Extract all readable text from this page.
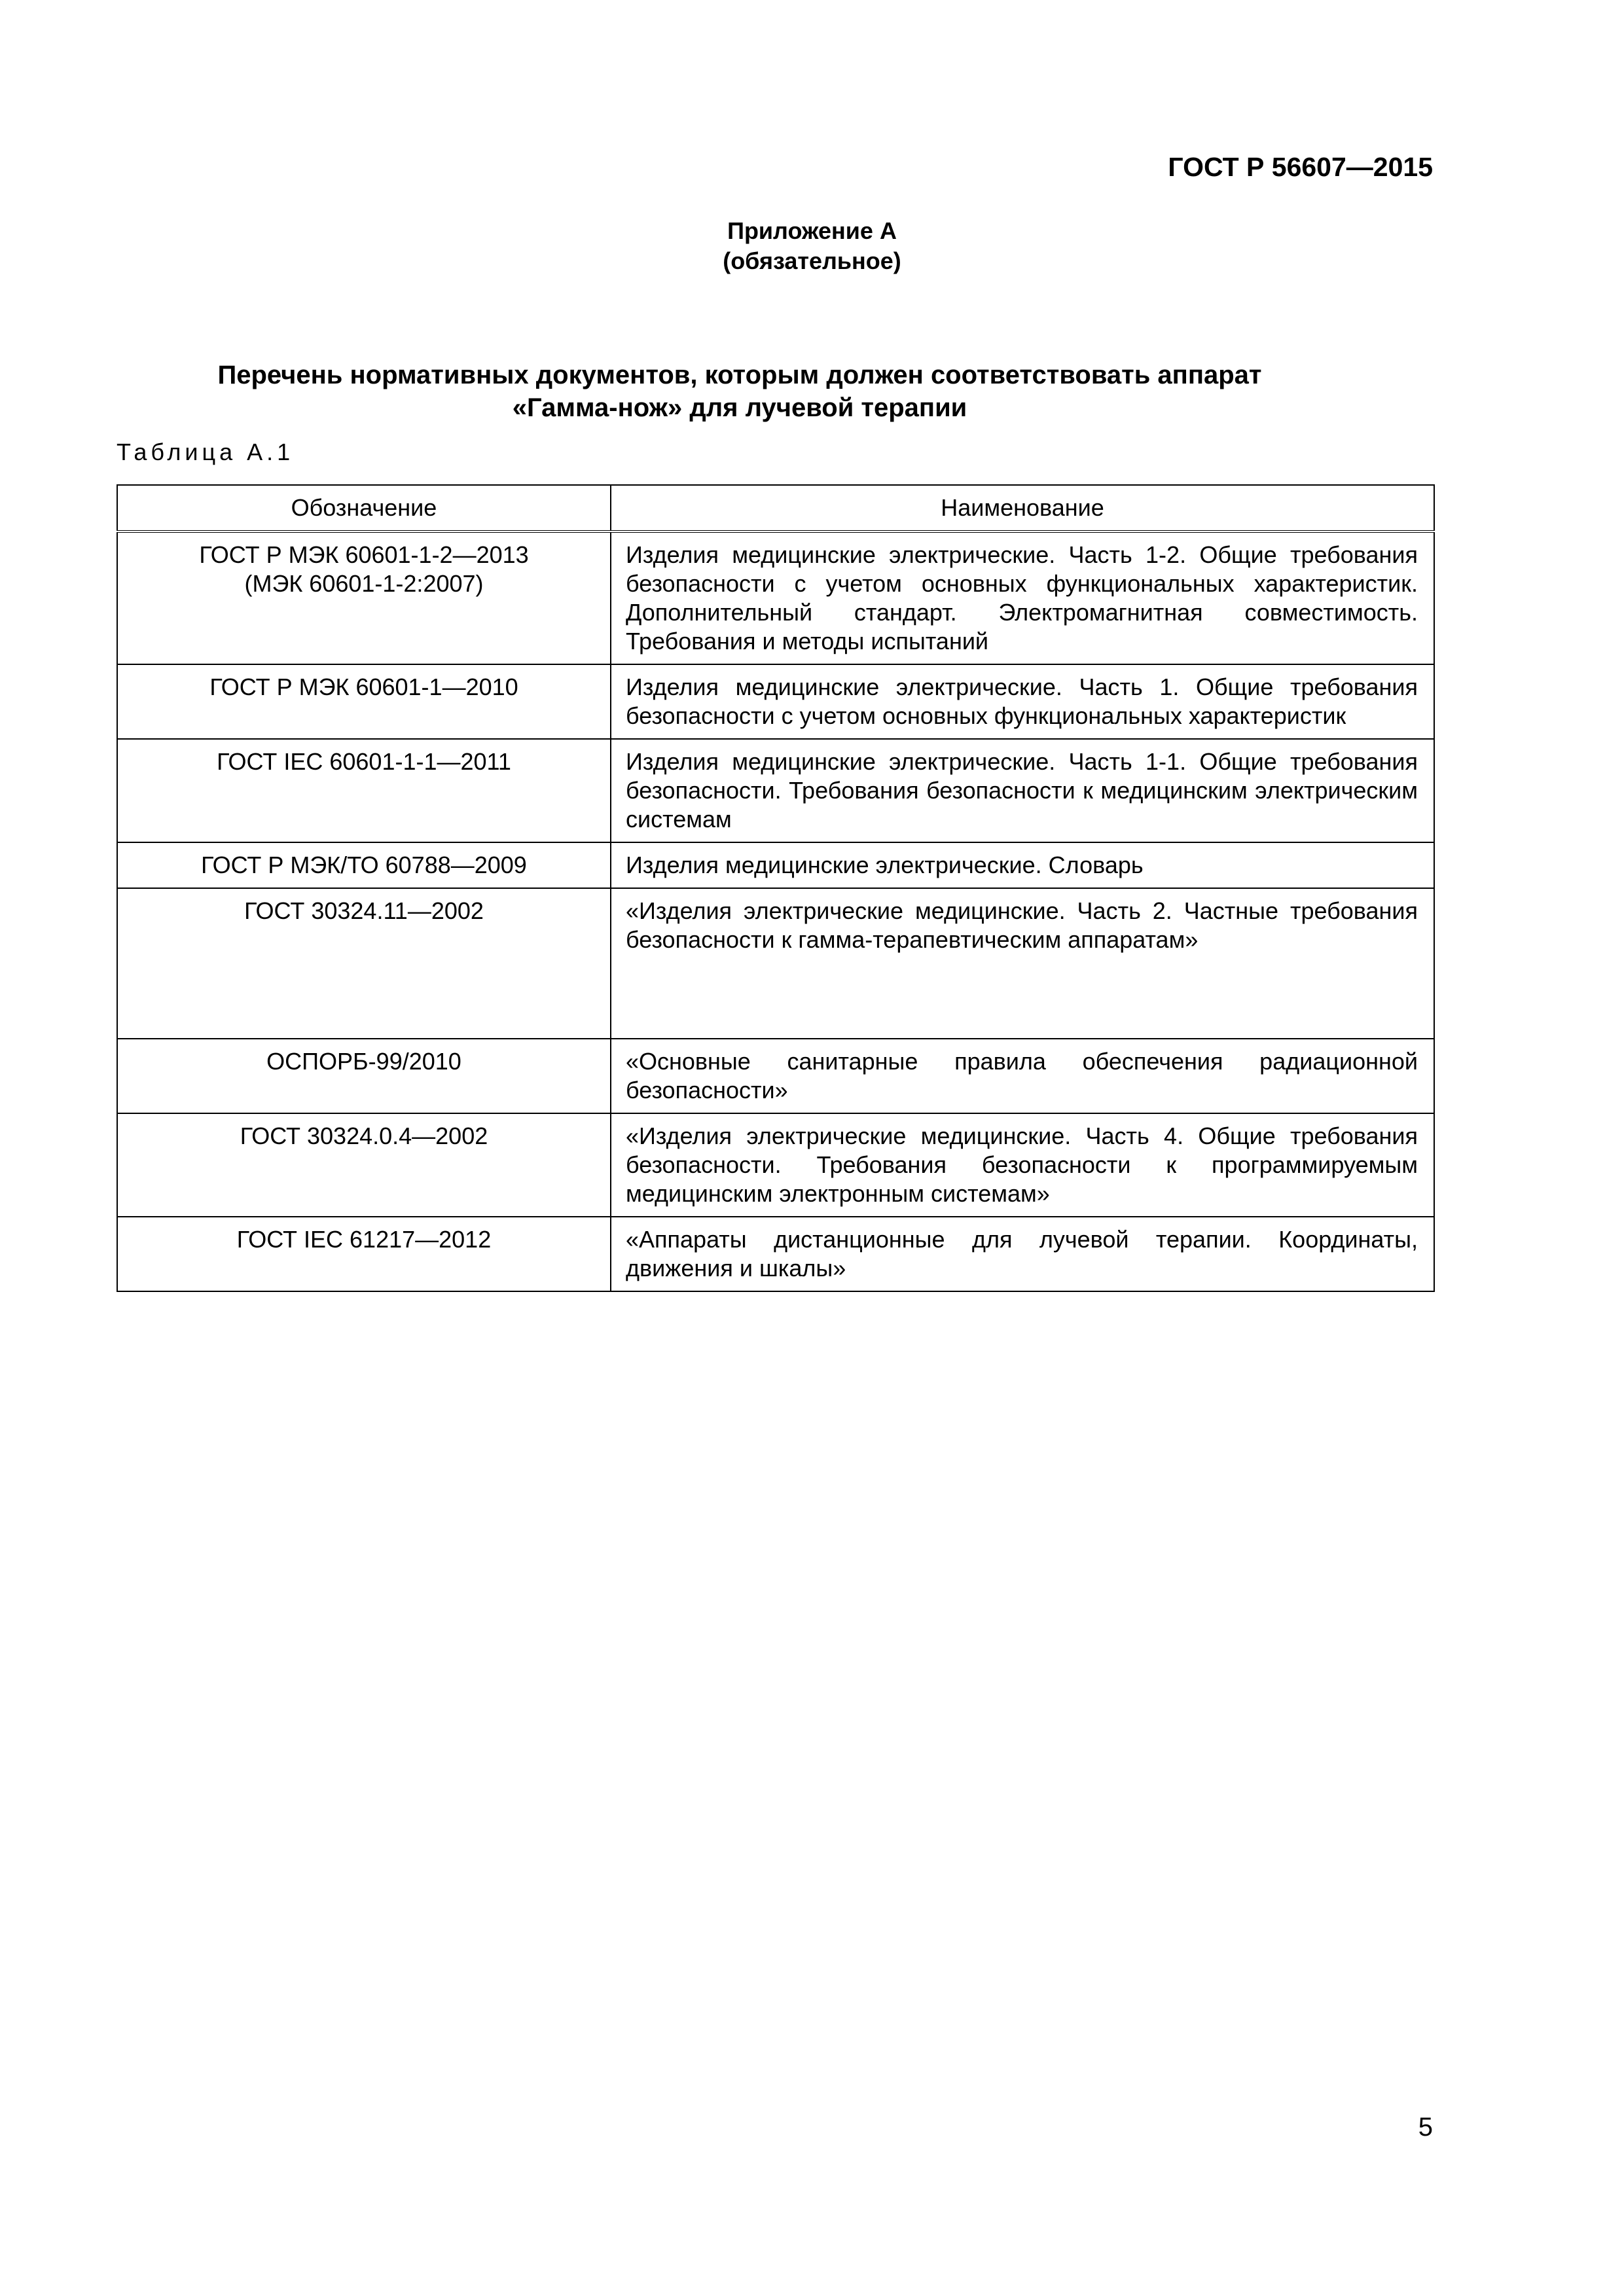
ГОСТ Р 56607—2015
Приложение А
(обязательное)
Перечень нормативных документов, которым должен соответствовать аппарат
«Гамма-нож» для лучевой терапии
Таблица А.1
Обозначение	Наименование

ГОСТ Р МЭК 60601-1-2—2013
(МЭК 60601-1-2:2007)	Изделия медицинские электрические. Часть 1-2. Общие требования безопасности с учетом основных функциональных характеристик. Дополнительный стандарт. Электромагнитная совместимость. Требования и методы испытаний
ГОСТ Р МЭК 60601-1—2010	Изделия медицинские электрические. Часть 1. Общие требования безопасности с учетом основных функциональных характеристик
ГОСТ IEC 60601-1-1—2011	Изделия медицинские электрические. Часть 1-1. Общие требования безопасности. Требования безопасности к медицинским электрическим системам
ГОСТ Р МЭК/ТО 60788—2009	Изделия медицинские электрические. Словарь
ГОСТ 30324.11—2002	«Изделия электрические медицинские. Часть 2. Частные требования безопасности к гамма-терапевтическим аппаратам»
ОСПОРБ-99/2010	«Основные санитарные правила обеспечения радиационной безопасности»
ГОСТ 30324.0.4—2002	«Изделия электрические медицинские. Часть 4. Общие требования безопасности. Требования безопасности к программируемым медицинским электронным системам»
ГОСТ IEC 61217—2012	«Аппараты дистанционные для лучевой терапии. Координаты, движения и шкалы»
5
